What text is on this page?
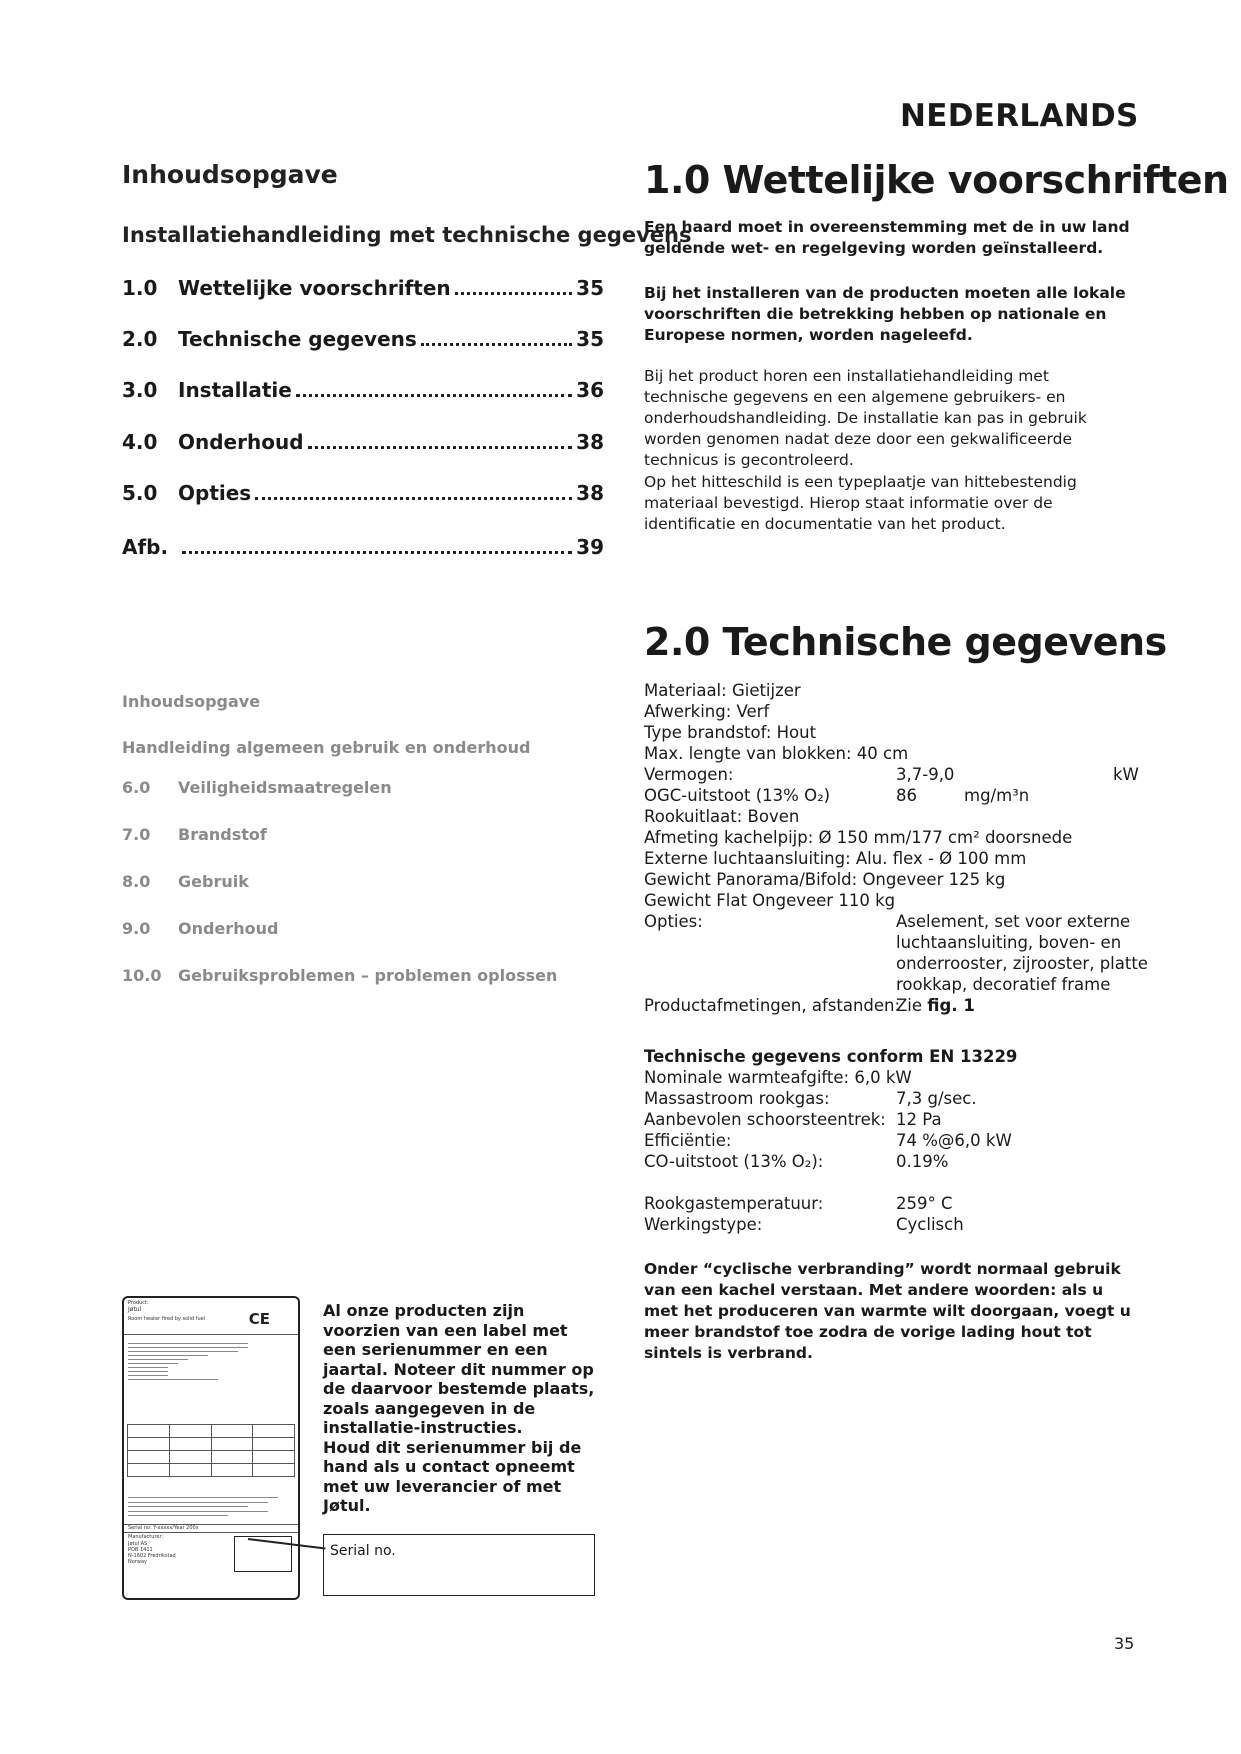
NEDERLANDS
Inhoudsopgave
Installatiehandleiding met technische gegevens
1.0	Wettelijke voorschriften	35
2.0	Technische gegevens	35
3.0	Installatie	36
4.0	Onderhoud	38
5.0	Opties	38
Afb.	39
Inhoudsopgave
Handleiding algemeen gebruik en onderhoud
6.0	Veiligheidsmaatregelen
7.0	Brandstof
8.0	Gebruik
9.0	Onderhoud
10.0	Gebruiksproblemen – problemen oplossen
1.0 Wettelijke voorschriften
Een haard moet in overeenstemming met de in uw land geldende wet- en regelgeving worden geïnstalleerd.
Bij het installeren van de producten moeten alle lokale voorschriften die betrekking hebben op nationale en Europese normen, worden nageleefd.
Bij het product horen een installatiehandleiding met technische gegevens en een algemene gebruikers- en onderhoudshandleiding. De installatie kan pas in gebruik worden genomen nadat deze door een gekwalificeerde technicus is gecontroleerd.
Op het hitteschild is een typeplaatje van hittebestendig materiaal bevestigd. Hierop staat informatie over de identificatie en documentatie van het product.
2.0 Technische gegevens
Materiaal: Gietijzer
Afwerking: Verf
Type brandstof: Hout
Max. lengte van blokken: 40 cm
Vermogen:	3,7-9,0	kW
OGC-uitstoot (13% O₂)	86	mg/m³n
Rookuitlaat: Boven
Afmeting kachelpijp: Ø 150 mm/177 cm² doorsnede
Externe luchtaansluiting: Alu. flex - Ø 100 mm
Gewicht Panorama/Bifold: Ongeveer 125 kg
Gewicht Flat Ongeveer 110 kg
Opties:	Aselement, set voor externe luchtaansluiting, boven- en onderrooster, zijrooster, platte rookkap, decoratief frame
Productafmetingen, afstanden:
Zie fig. 1
Technische gegevens conform EN 13229
Nominale warmteafgifte: 6,0 kW
Massastroom rookgas:	7,3 g/sec.
Aanbevolen schoorsteentrek: 12 Pa
Efficiëntie:	74 %@6,0 kW
CO-uitstoot (13% O₂):	0.19%
Rookgastemperatuur:	259° C
Werkingstype:	Cyclisch
Onder “cyclische verbranding” wordt normaal gebruik van een kachel verstaan. Met andere woorden: als u met het produceren van warmte wilt doorgaan, voegt u meer brandstof toe zodra de vorige lading hout tot sintels is verbrand.
Product:
Jøtul
Room heater fired by solid fuel	CE

Serial no: Y-xxxxx/Year 200x
Manufacturer:
Jøtul AS
POB 1411
N-1602 Fredrikstad
Norway
Al onze producten zijn voorzien van een label met een serienummer en een jaartal. Noteer dit nummer op de daarvoor bestemde plaats, zoals aangegeven in de installatie-instructies.
Houd dit serienummer bij de hand als u contact opneemt met uw leverancier of met Jøtul.
Serial no.
35
